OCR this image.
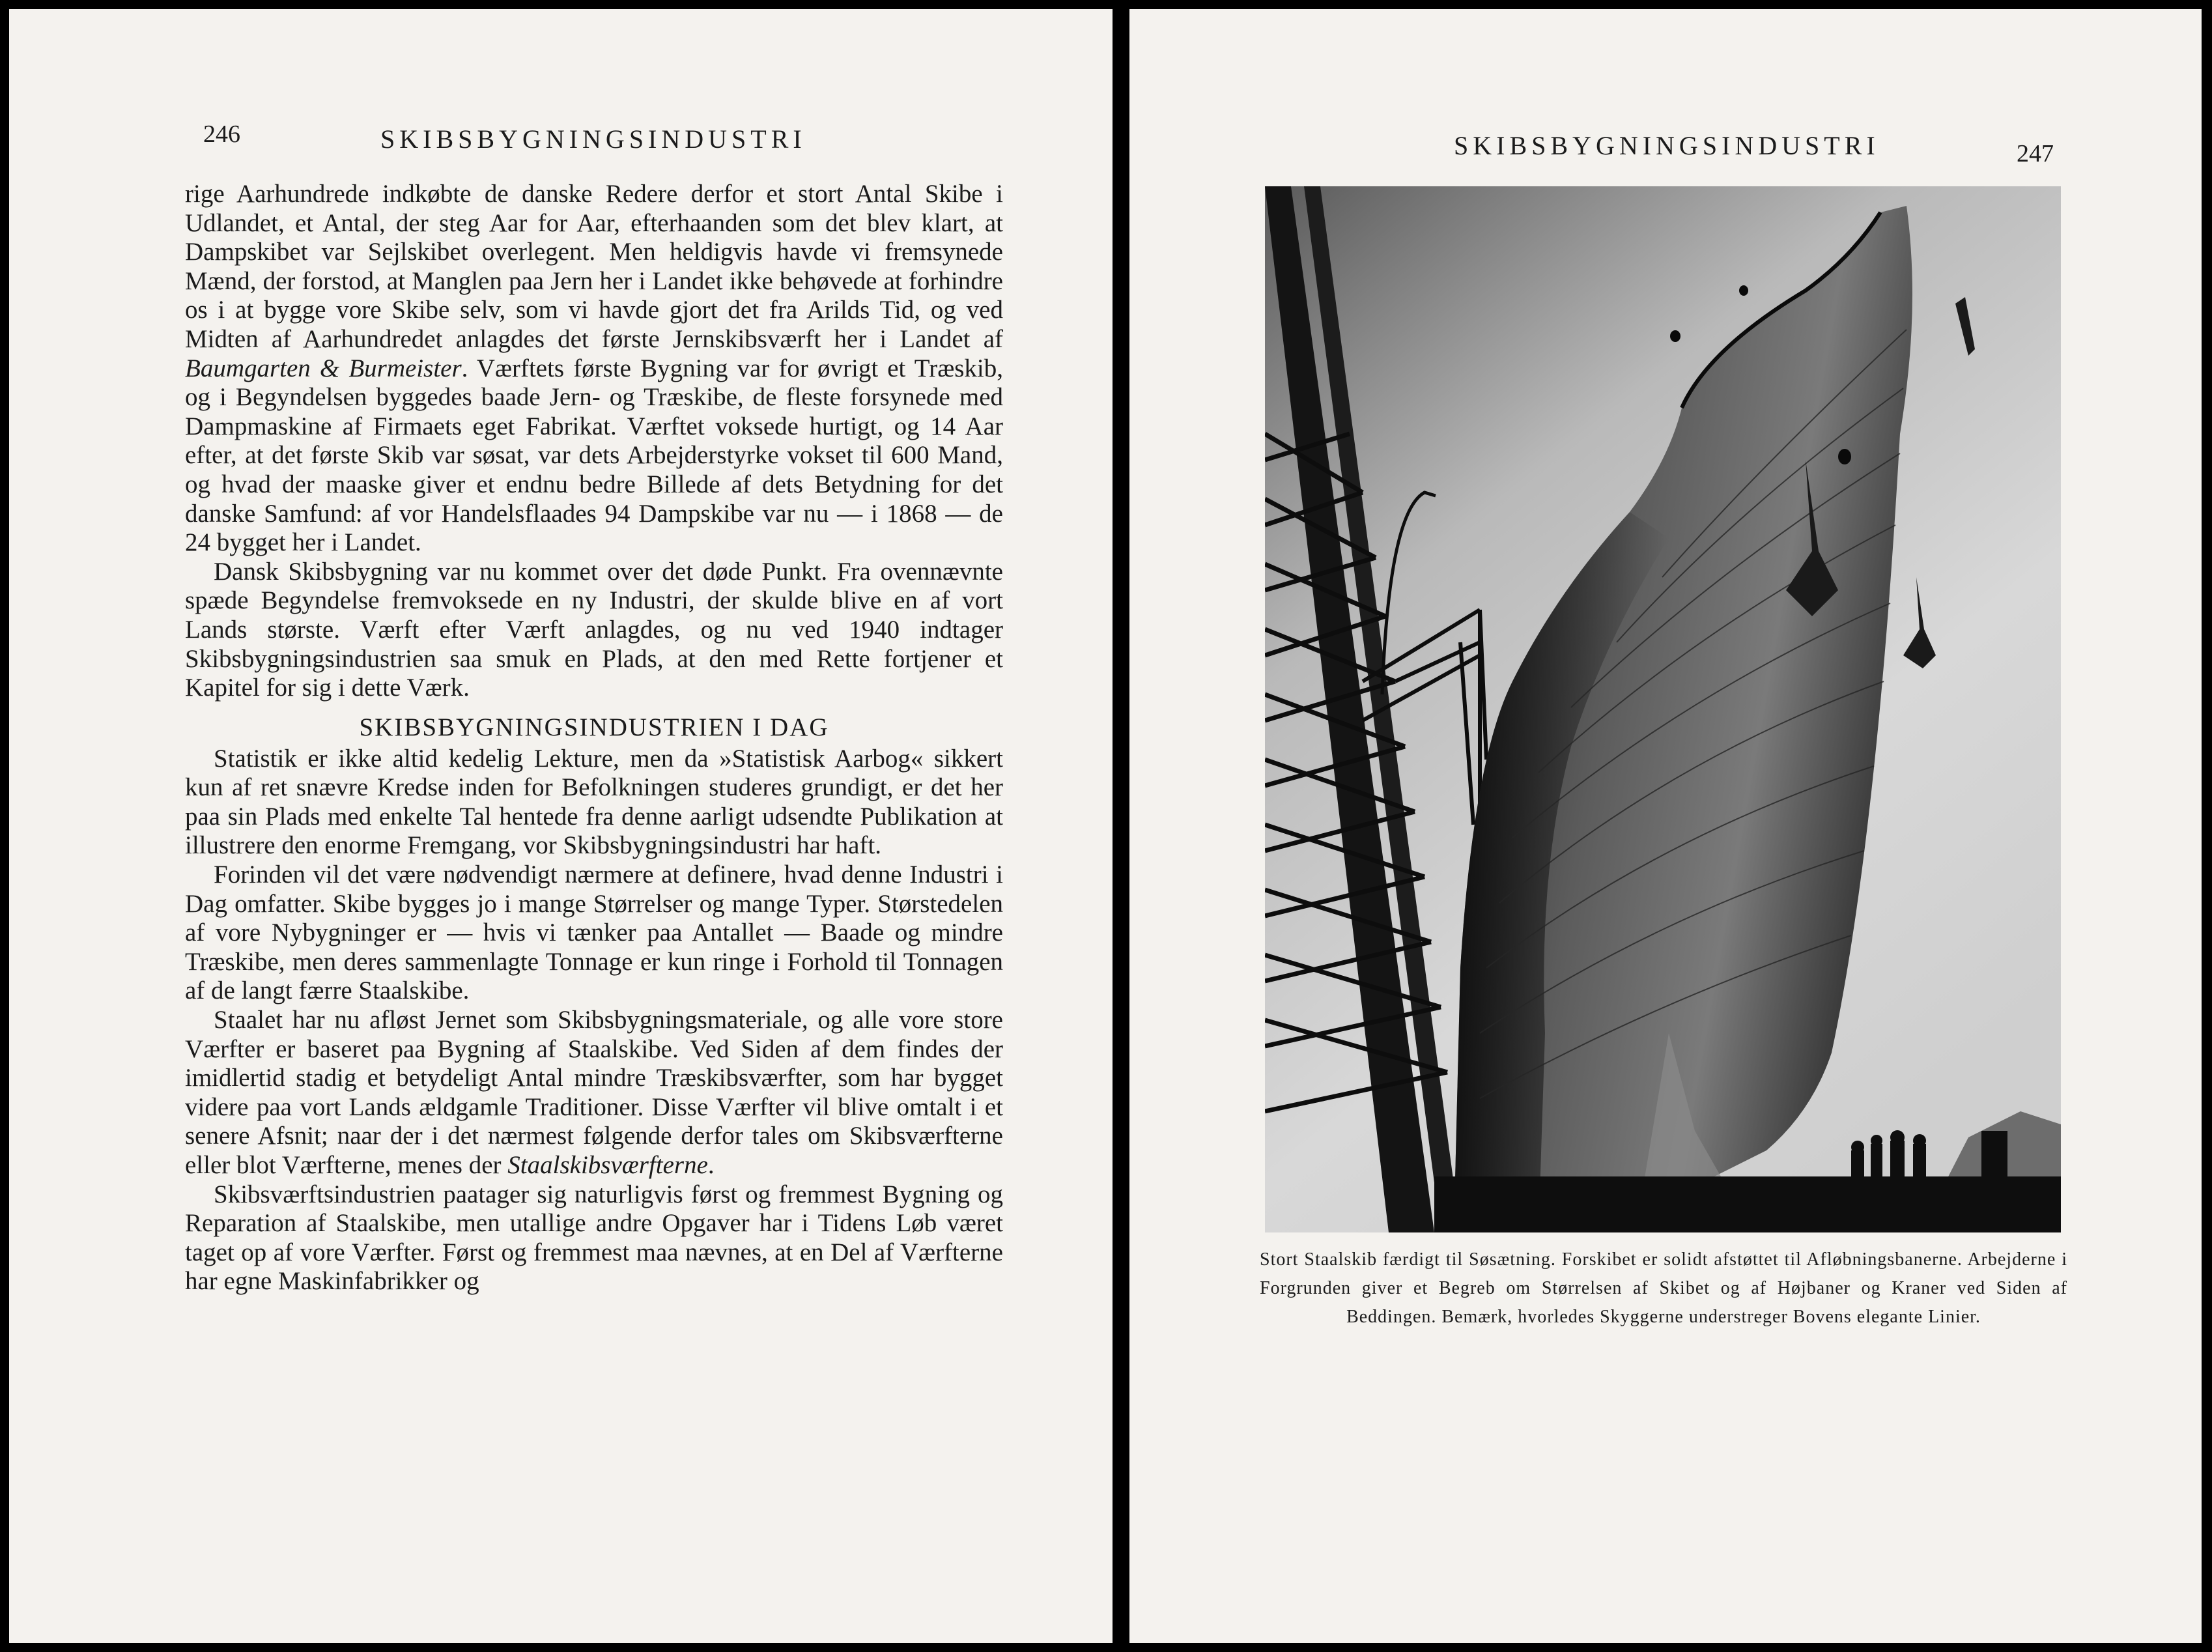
246	SKIBSBYGNINGSINDUSTRI

rige Aarhundrede indkøbte de danske Redere derfor et stort Antal Skibe i Udlandet, et Antal, der steg Aar for Aar, efterhaanden som det blev klart, at Dampskibet var Sejlskibet overlegent. Men heldigvis havde vi fremsynede Mænd, der forstod, at Manglen paa Jern her i Landet ikke behøvede at forhindre os i at bygge vore Skibe selv, som vi havde gjort det fra Arilds Tid, og ved Midten af Aarhundredet anlagdes det første Jernskibsværft her i Landet af Baumgarten & Burmeister. Værftets første Bygning var for øvrigt et Træskib, og i Begyndelsen byggedes baade Jern- og Træskibe, de fleste forsynede med Dampmaskine af Firmaets eget Fabrikat. Værftet voksede hurtigt, og 14 Aar efter, at det første Skib var søsat, var dets Arbejderstyrke vokset til 600 Mand, og hvad der maaske giver et endnu bedre Billede af dets Betydning for det danske Samfund: af vor Handelsflaades 94 Dampskibe var nu — i 1868 — de 24 bygget her i Landet.

Dansk Skibsbygning var nu kommet over det døde Punkt. Fra ovennævnte spæde Begyndelse fremvoksede en ny Industri, der skulde blive en af vort Lands største. Værft efter Værft anlagdes, og nu ved 1940 indtager Skibsbygningsindustrien saa smuk en Plads, at den med Rette fortjener et Kapitel for sig i dette Værk.

SKIBSBYGNINGSINDUSTRIEN I DAG

Statistik er ikke altid kedelig Lekture, men da »Statistisk Aarbog« sikkert kun af ret snævre Kredse inden for Befolkningen studeres grundigt, er det her paa sin Plads med enkelte Tal hentede fra denne aarligt udsendte Publikation at illustrere den enorme Fremgang, vor Skibsbygningsindustri har haft.

Forinden vil det være nødvendigt nærmere at definere, hvad denne Industri i Dag omfatter. Skibe bygges jo i mange Størrelser og mange Typer. Størstedelen af vore Nybygninger er — hvis vi tænker paa Antallet — Baade og mindre Træskibe, men deres sammenlagte Tonnage er kun ringe i Forhold til Tonnagen af de langt færre Staalskibe.

Staalet har nu afløst Jernet som Skibsbygningsmateriale, og alle vore store Værfter er baseret paa Bygning af Staalskibe. Ved Siden af dem findes der imidlertid stadig et betydeligt Antal mindre Træskibsværfter, som har bygget videre paa vort Lands ældgamle Traditioner. Disse Værfter vil blive omtalt i et senere Afsnit; naar der i det nærmest følgende derfor tales om Skibsværfterne eller blot Værfterne, menes der Staalskibsværfterne.

Skibsværftsindustrien paatager sig naturligvis først og fremmest Bygning og Reparation af Staalskibe, men utallige andre Opgaver har i Tidens Løb været taget op af vore Værfter. Først og fremmest maa nævnes, at en Del af Værfterne har egne Maskinfabrikker og

SKIBSBYGNINGSINDUSTRI	247
Stort Staalskib færdigt til Søsætning. Forskibet er solidt afstøttet til Afløbningsbanerne. Arbejderne i Forgrunden giver et Begreb om Størrelsen af Skibet og af Højbaner og Kraner ved Siden af Beddingen. Bemærk, hvorledes Skyggerne understreger Bovens elegante Linier.
